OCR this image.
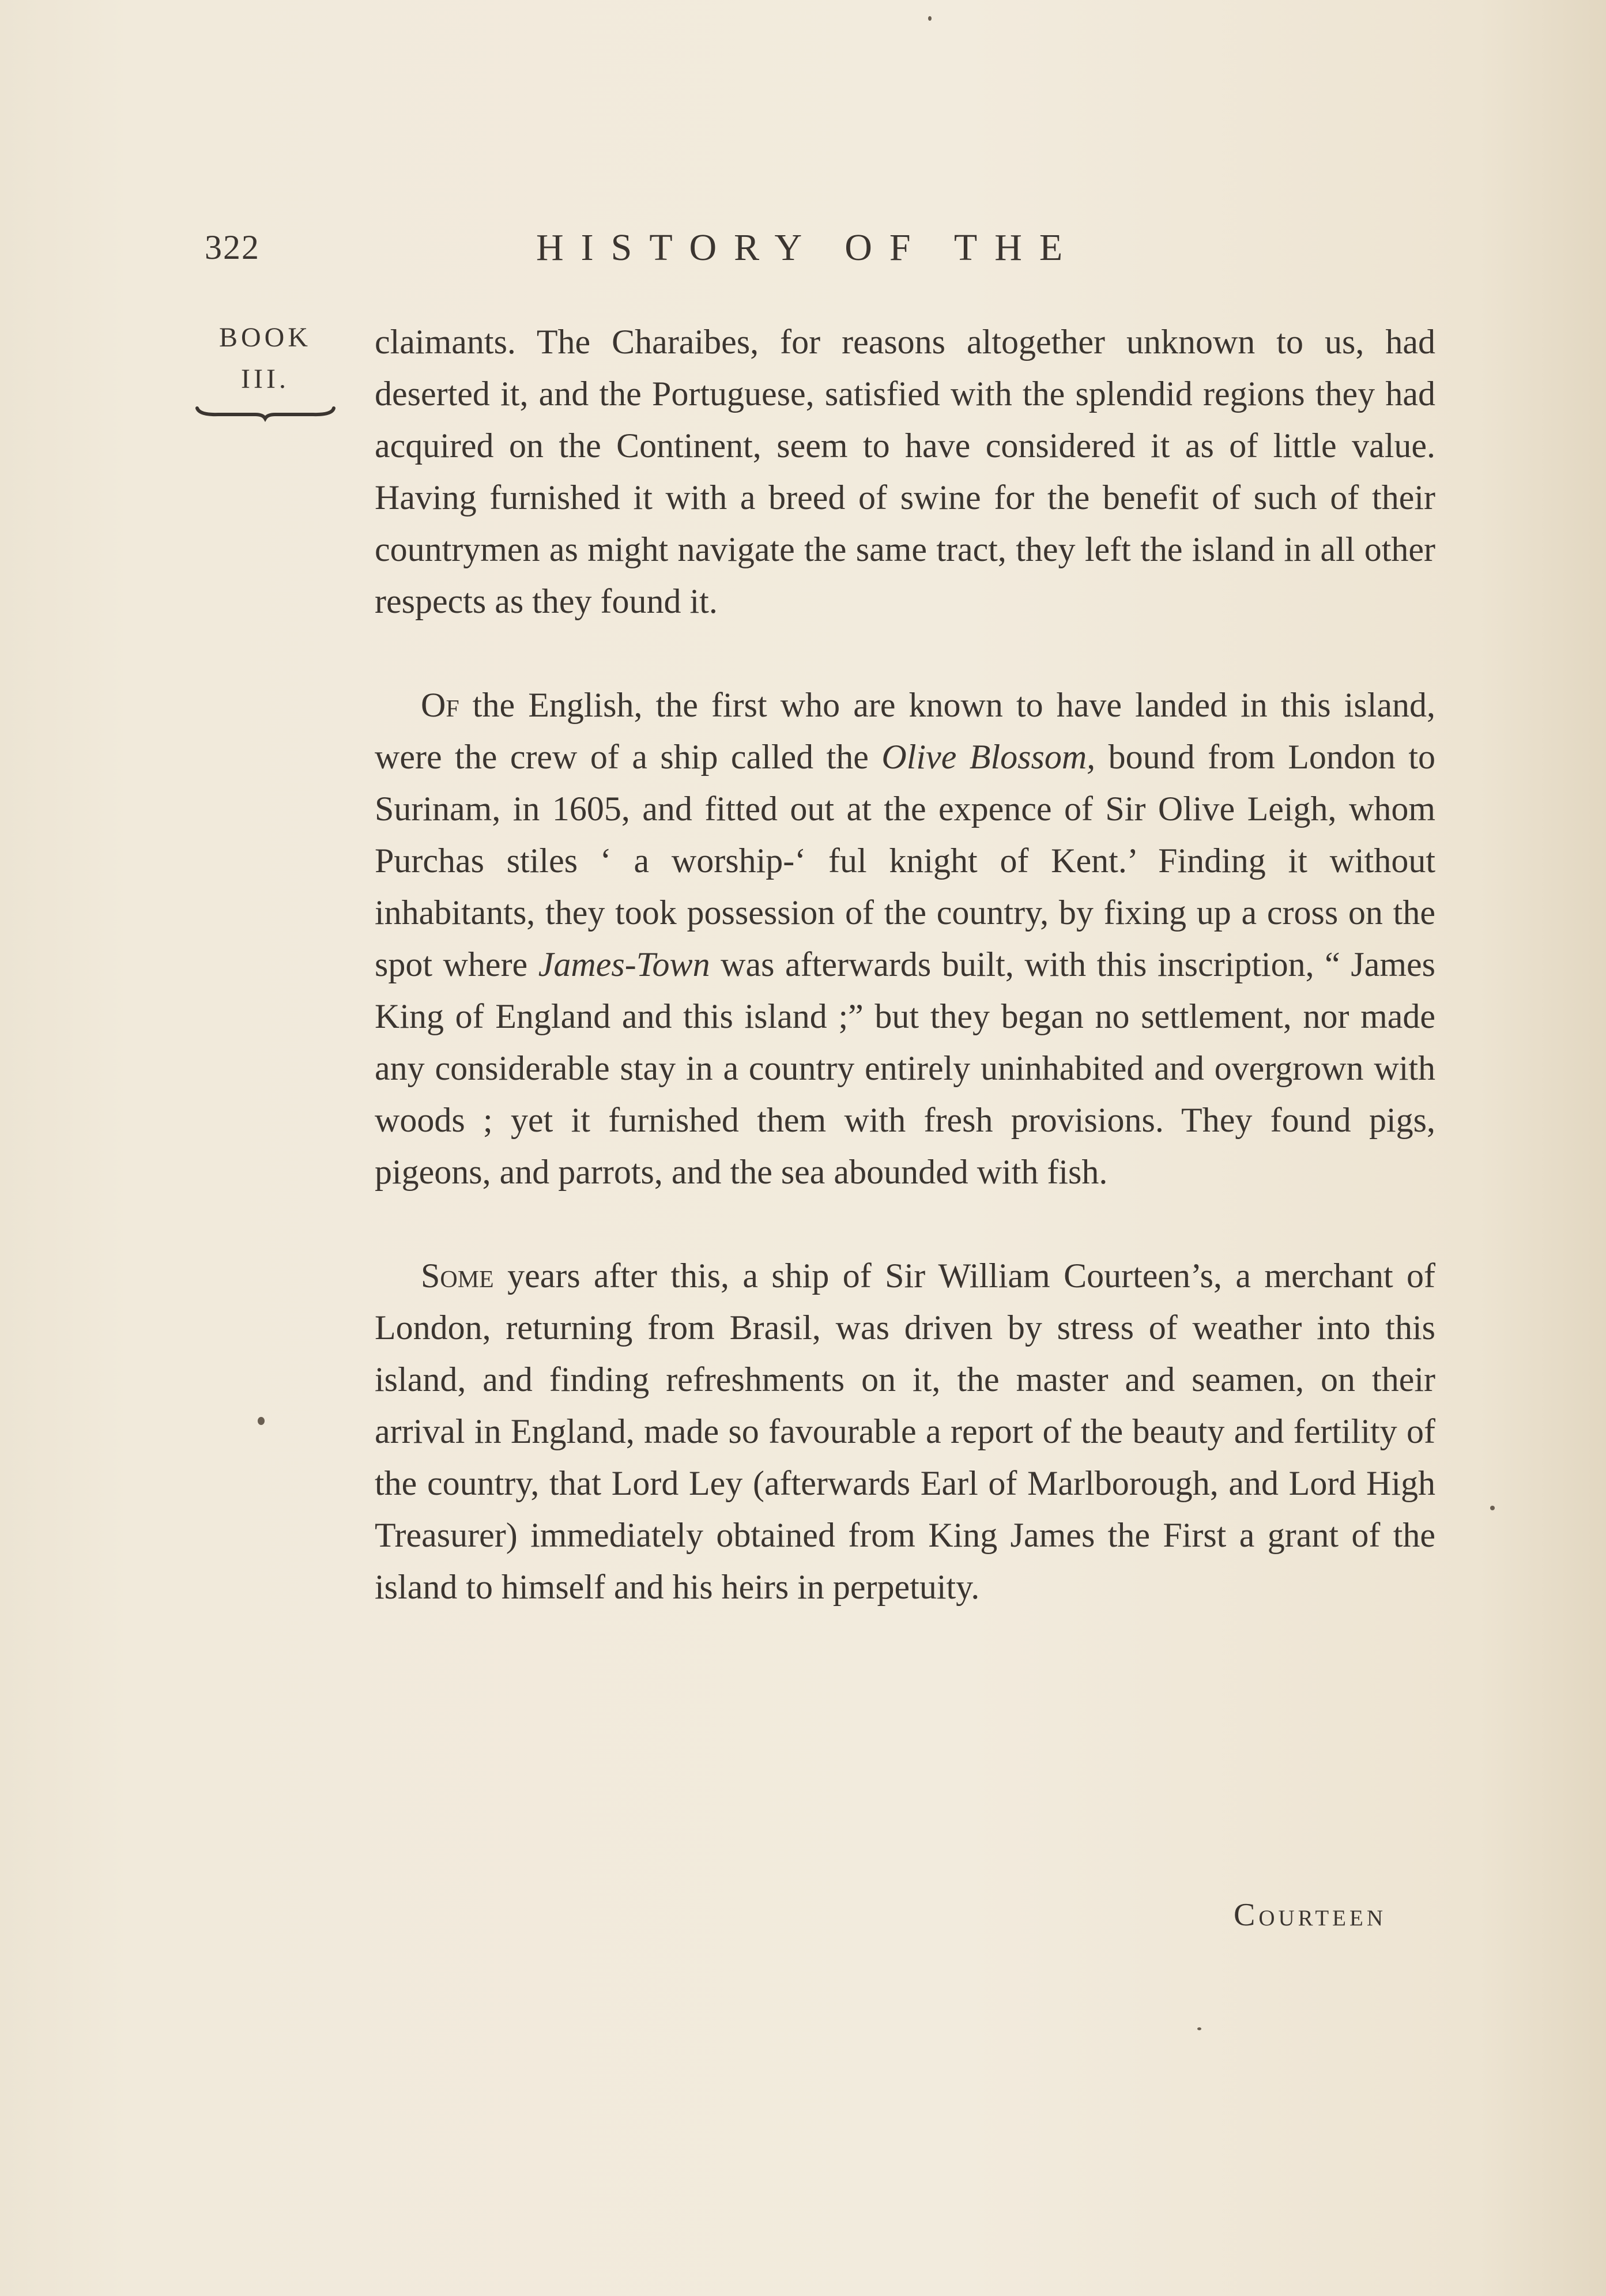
322	HISTORY OF THE
BOOK
III.

claimants. The Charaibes, for reasons altogether unknown to us, had deserted it, and the Portuguese, satisfied with the splendid regions they had acquired on the Continent, seem to have considered it as of little value. Having furnished it with a breed of swine for the benefit of such of their countrymen as might navigate the same tract, they left the island in all other respects as they found it.

Of the English, the first who are known to have landed in this island, were the crew of a ship called the Olive Blossom, bound from London to Surinam, in 1605, and fitted out at the expence of Sir Olive Leigh, whom Purchas stiles ‘ a worship-‘ ful knight of Kent.’ Finding it without inhabitants, they took possession of the country, by fixing up a cross on the spot where James-Town was afterwards built, with this inscription, “ James King of England and this island ;” but they began no settlement, nor made any considerable stay in a country entirely uninhabited and overgrown with woods ; yet it furnished them with fresh provisions. They found pigs, pigeons, and parrots, and the sea abounded with fish.

Some years after this, a ship of Sir William Courteen’s, a merchant of London, returning from Brasil, was driven by stress of weather into this island, and finding refreshments on it, the master and seamen, on their arrival in England, made so favourable a report of the beauty and fertility of the country, that Lord Ley (afterwards Earl of Marlborough, and Lord High Treasurer) immediately obtained from King James the First a grant of the island to himself and his heirs in perpetuity.

Courteen
